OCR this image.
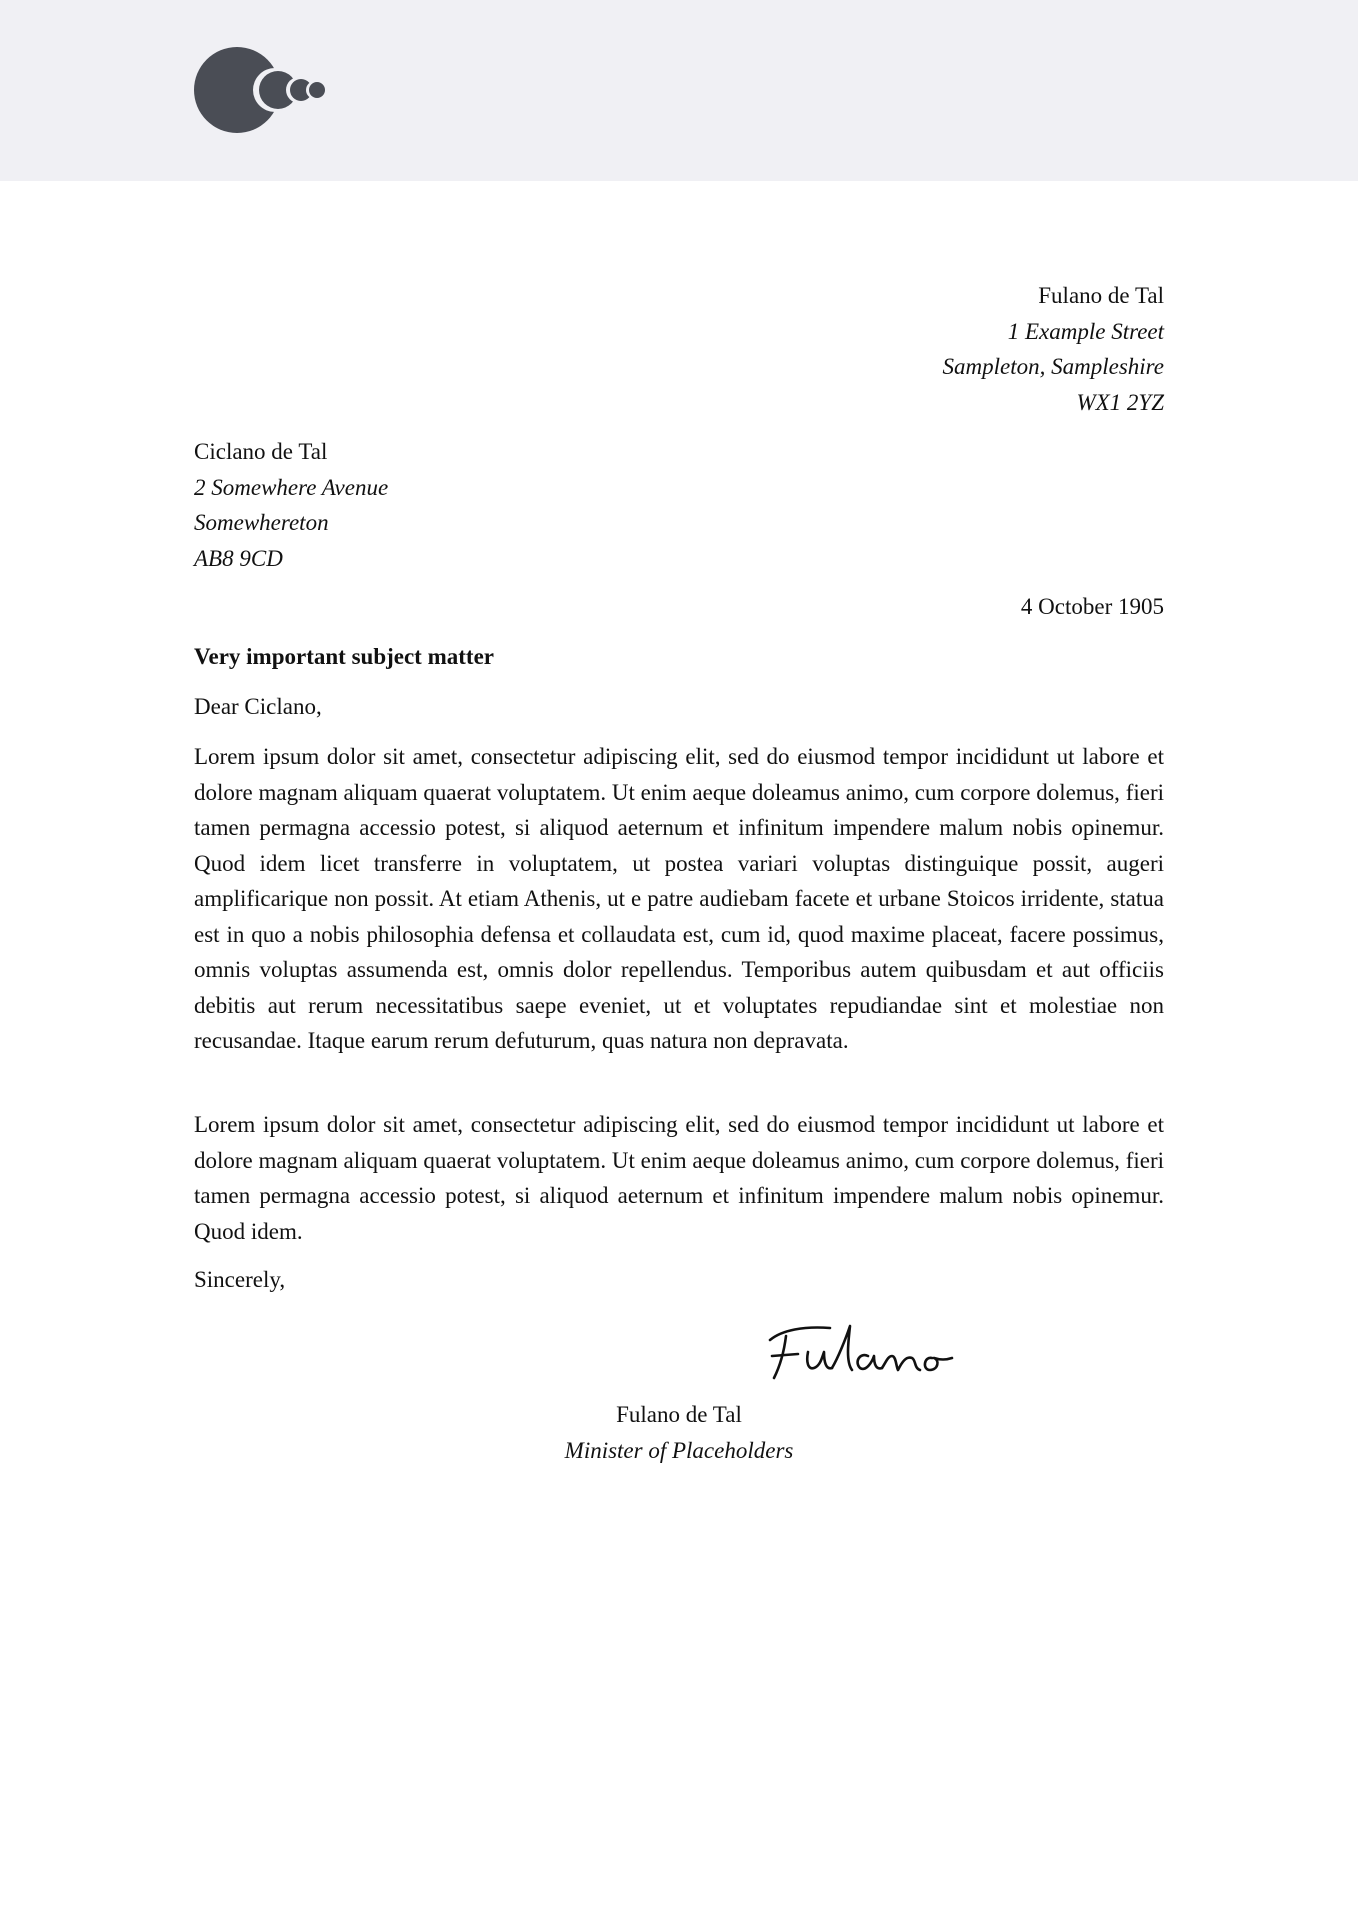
Fulano de Tal
1 Example Street
Sampleton, Sampleshire
WX1 2YZ
Ciclano de Tal
2 Somewhere Avenue
Somewhereton
AB8 9CD
4 October 1905
Very important subject matter
Dear Ciclano,

Lorem ipsum dolor sit amet, consectetur adipiscing elit, sed do eiusmod tempor incididunt ut labore et dolore magnam aliquam quaerat voluptatem. Ut enim aeque doleamus animo, cum corpore dolemus, fieri tamen permagna accessio potest, si aliquod aeternum et infinitum impendere malum nobis opinemur. Quod idem licet transferre in voluptatem, ut postea variari voluptas distinguique possit, augeri amplificarique non possit. At etiam Athenis, ut e patre audiebam facete et urbane Stoicos irridente, statua est in quo a nobis philosophia defensa et collaudata est, cum id, quod maxime placeat, facere possimus, omnis voluptas assumenda est, omnis dolor repellendus. Temporibus autem quibusdam et aut officiis debitis aut rerum necessitatibus saepe eveniet, ut et voluptates repudiandae sint et molestiae non recusandae. Itaque earum rerum defuturum, quas natura non depravata.

Lorem ipsum dolor sit amet, consectetur adipiscing elit, sed do eiusmod tempor incididunt ut labore et dolore magnam aliquam quaerat voluptatem. Ut enim aeque doleamus animo, cum corpore dolemus, fieri tamen permagna accessio potest, si aliquod aeternum et infinitum impendere malum nobis opinemur. Quod idem.

Sincerely,
Fulano de Tal
Minister of Placeholders
